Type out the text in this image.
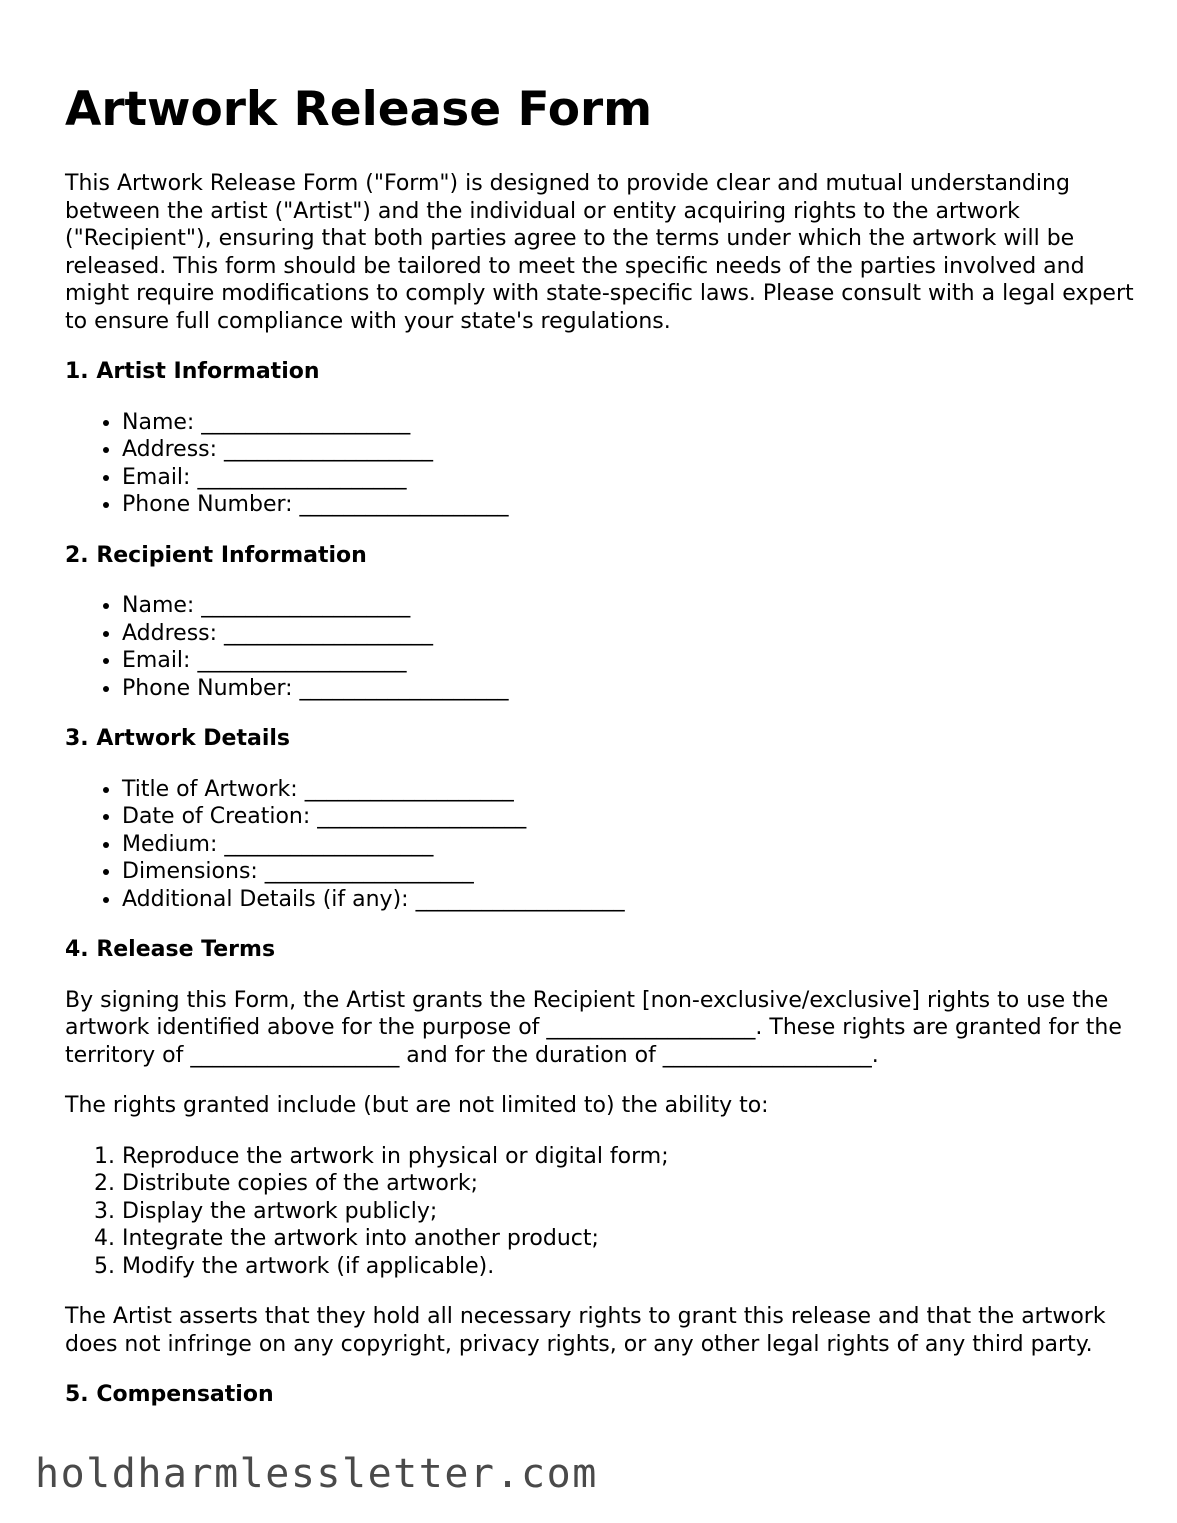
Artwork Release Form

This Artwork Release Form ("Form") is designed to provide clear and mutual understanding between the artist ("Artist") and the individual or entity acquiring rights to the artwork ("Recipient"), ensuring that both parties agree to the terms under which the artwork will be released. This form should be tailored to meet the specific needs of the parties involved and might require modifications to comply with state-specific laws. Please consult with a legal expert to ensure full compliance with your state's regulations.

1. Artist Information
• Name: ___________________
• Address: ___________________
• Email: ___________________
• Phone Number: ___________________
2. Recipient Information
• Name: ___________________
• Address: ___________________
• Email: ___________________
• Phone Number: ___________________
3. Artwork Details
• Title of Artwork: ___________________
• Date of Creation: ___________________
• Medium: ___________________
• Dimensions: ___________________
• Additional Details (if any): ___________________
4. Release Terms

By signing this Form, the Artist grants the Recipient [non-exclusive/exclusive] rights to use the artwork identified above for the purpose of ___________________. These rights are granted for the territory of ___________________ and for the duration of ___________________.

The rights granted include (but are not limited to) the ability to:

1. Reproduce the artwork in physical or digital form;
2. Distribute copies of the artwork;
3. Display the artwork publicly;
4. Integrate the artwork into another product;
5. Modify the artwork (if applicable).

The Artist asserts that they hold all necessary rights to grant this release and that the artwork does not infringe on any copyright, privacy rights, or any other legal rights of any third party.

5. Compensation
holdharmlessletter.com
